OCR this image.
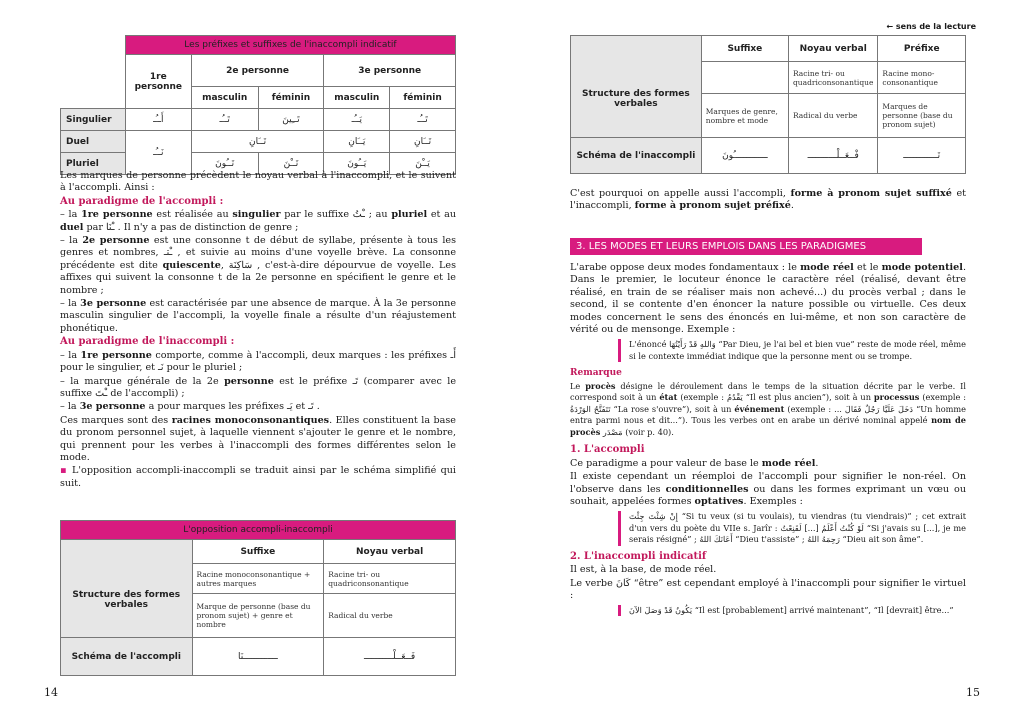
	Les préfixes et suffixes de l'inaccompli indicatif				
	1re personne	2e personne		3e personne	
		masculin	féminin	masculin	féminin
Singulier	أَــُـ	تَــُـ	تَــِينَ	يَــُـ	تَــُـ
Duel	نَــُـ	تَــَانِ		يَــَانِ	تَــَانِ
Pluriel		تَــُونَ	تَــْنَ	يَــُونَ	يَــْنَ

Les marques de personne précèdent le noyau verbal à l'inaccompli, et le suivent à l'accompli. Ainsi :

Au paradigme de l'accompli :

– la 1re personne est réalisée au singulier par le suffixe ـْتُ ; au pluriel et au duel par ـْنَا . Il n'y a pas de distinction de genre ;

– la 2e personne est une consonne t de début de syllabe, présente à tous les genres et nombres, ـْتـ , et suivie au moins d'une voyelle brève. La consonne précédente est dite quiescente, سَاكِنَة , c'est-à-dire dépourvue de voyelle. Les affixes qui suivent la consonne t de la 2e personne en spécifient le genre et le nombre ;

– la 3e personne est caractérisée par une absence de marque. À la 3e personne masculin singulier de l'accompli, la voyelle finale a résulte d'un réajustement phonétique.

Au paradigme de l'inaccompli :

– la 1re personne comporte, comme à l'accompli, deux marques : les préfixes أَـ pour le singulier, et نَـ pour le pluriel ;

– la marque générale de la 2e personne est le préfixe تَـ (comparer avec le suffixe ـْتَ de l'accompli) ;

– la 3e personne a pour marques les préfixes يَـ et تَـ .

Ces marques sont des racines monoconsonantiques. Elles constituent la base du pronom personnel sujet, à laquelle viennent s'ajouter le genre et le nombre, qui prennent pour les verbes à l'inaccompli des formes différentes selon le mode.

▪ L'opposition accompli-inaccompli se traduit ainsi par le schéma simplifié qui suit.

L'opposition accompli-inaccompli		
	Suffixe	Noyau verbal
Structure des formes verbales	Racine monoconsonantique + autres marques	Racine tri- ou quadriconsonantique
	Marque de personne (base du pronom sujet) + genre et nombre	Radical du verbe
Schéma de l'accompli	ـــــــــــــنَا	فَــعَــلْـــــــــــ
14
← sens de la lecture
	Suffixe	Noyau verbal	Préfixe
Structure des formes verbales		Racine tri- ou quadriconsonantique	Racine mono-consonantique
	Marques de genre, nombre et mode	Radical du verbe	Marques de personne (base du pronom sujet)
Schéma de l'inaccompli	ـــــــــــــُونَ	فْــعَــلْـــــــــــ	تَـــــــــــــ

C'est pourquoi on appelle aussi l'accompli, forme à pronom sujet suffixé et l'inaccompli, forme à pronom sujet préfixé.

3. LES MODES ET LEURS EMPLOIS DANS LES PARADIGMES

L'arabe oppose deux modes fondamentaux : le mode réel et le mode potentiel. Dans le premier, le locuteur énonce le caractère réel (réalisé, devant être réalisé, en train de se réaliser mais non achevé...) du procès verbal ; dans le second, il se contente d'en énoncer la nature possible ou virtuelle. Ces deux modes concernent le sens des énoncés en lui-même, et non son caractère de vérité ou de mensonge. Exemple :

L'énoncé وَاللهِ قَدْ رَأَيْتُهَا “Par Dieu, je l'ai bel et bien vue” reste de mode réel, même si le contexte immédiat indique que la personne ment ou se trompe.

Remarque

Le procès désigne le déroulement dans le temps de la situation décrite par le verbe. Il correspond soit à un état (exemple : يَقْدُمُ “Il est plus ancien”), soit à un processus (exemple : تَتَفَتَّحُ الوَرْدَةُ “La rose s'ouvre”), soit à un événement (exemple : ... دَخَلَ عَلَيَّا رَجُلٌ فَقَالَ “Un homme entra parmi nous et dit...”). Tous les verbes ont en arabe un dérivé nominal appelé nom de procès مَصْدَر (voir p. 40).

1. L'accompli

Ce paradigme a pour valeur de base le mode réel.

Il existe cependant un réemploi de l'accompli pour signifier le non-réel. On l'observe dans les conditionnelles ou dans les formes exprimant un vœu ou souhait, appelées formes optatives. Exemples :

إِنْ شِئْتَ جِئْتَ “Si tu veux (si tu voulais), tu viendras (tu viendrais)” ; cet extrait d'un vers du poète du VIIe s. Jarîr : لَوْ كُنْتُ أَعْلَمُ [...] لَقَنِعْتُ “Si j'avais su [...], je me serais résigné” ; أَعَانَكَ اللهُ “Dieu t'assiste” ; رَحِمَهُ اللهُ “Dieu ait son âme”.

2. L'inaccompli indicatif

Il est, à la base, de mode réel.

Le verbe كَانَ “être” est cependant employé à l'inaccompli pour signifier le virtuel :

يَكُونُ قَدْ وَصَلَ الآنَ “Il est [probablement] arrivé maintenant”, “Il [devrait] être...”

15
